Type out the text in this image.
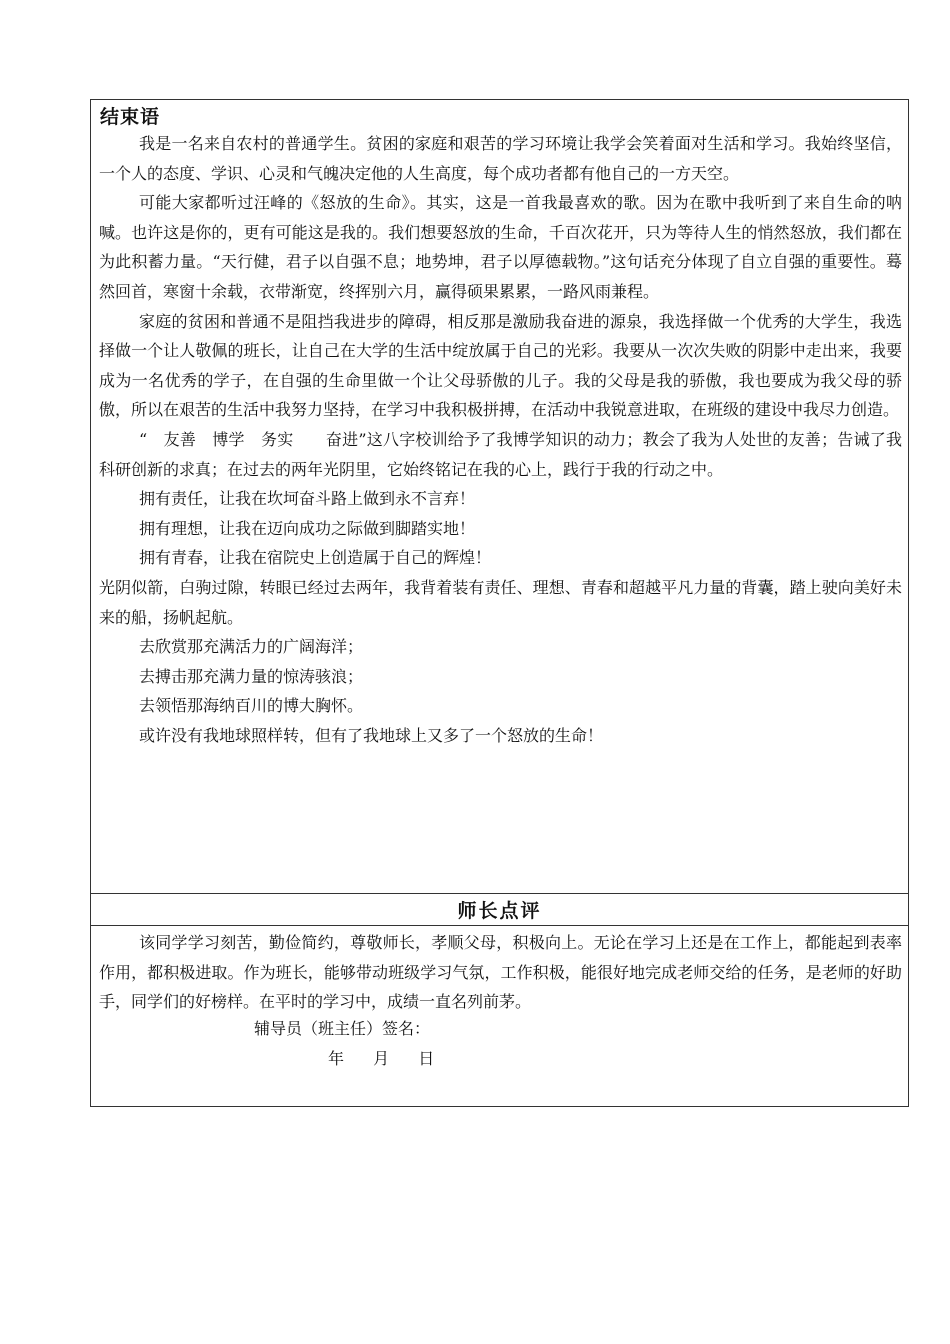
结束语

我是一名来自农村的普通学生。贫困的家庭和艰苦的学习环境让我学会笑着面对生活和学习。我始终坚信，一个人的态度、学识、心灵和气魄决定他的人生高度，每个成功者都有他自己的一方天空。

可能大家都听过汪峰的《怒放的生命》。其实，这是一首我最喜欢的歌。因为在歌中我听到了来自生命的呐喊。也许这是你的，更有可能这是我的。我们想要怒放的生命，千百次花开，只为等待人生的悄然怒放，我们都在为此积蓄力量。“天行健，君子以自强不息；地势坤，君子以厚德载物。”这句话充分体现了自立自强的重要性。蓦然回首，寒窗十余载，衣带渐宽，终挥别六月，赢得硕果累累，一路风雨兼程。

家庭的贫困和普通不是阻挡我进步的障碍，相反那是激励我奋进的源泉，我选择做一个优秀的大学生，我选择做一个让人敬佩的班长，让自己在大学的生活中绽放属于自己的光彩。我要从一次次失败的阴影中走出来，我要成为一名优秀的学子，在自强的生命里做一个让父母骄傲的儿子。我的父母是我的骄傲，我也要成为我父母的骄傲，所以在艰苦的生活中我努力坚持，在学习中我积极拼搏，在活动中我锐意进取，在班级的建设中我尽力创造。

“　友善　博学　务实　　奋进”这八字校训给予了我博学知识的动力；教会了我为人处世的友善；告诫了我科研创新的求真；在过去的两年光阴里，它始终铭记在我的心上，践行于我的行动之中。

拥有责任，让我在坎坷奋斗路上做到永不言弃！

拥有理想，让我在迈向成功之际做到脚踏实地！

拥有青春，让我在宿院史上创造属于自己的辉煌！

光阴似箭，白驹过隙，转眼已经过去两年，我背着装有责任、理想、青春和超越平凡力量的背囊，踏上驶向美好未来的船，扬帆起航。

去欣赏那充满活力的广阔海洋；

去搏击那充满力量的惊涛骇浪；

去领悟那海纳百川的博大胸怀。

或许没有我地球照样转，但有了我地球上又多了一个怒放的生命！

师长点评

该同学学习刻苦，勤俭简约，尊敬师长，孝顺父母，积极向上。无论在学习上还是在工作上，都能起到表率作用，都积极进取。作为班长，能够带动班级学习气氛，工作积极，能很好地完成老师交给的任务，是老师的好助手，同学们的好榜样。在平时的学习中，成绩一直名列前茅。

辅导员（班主任）签名：
年 月 日
